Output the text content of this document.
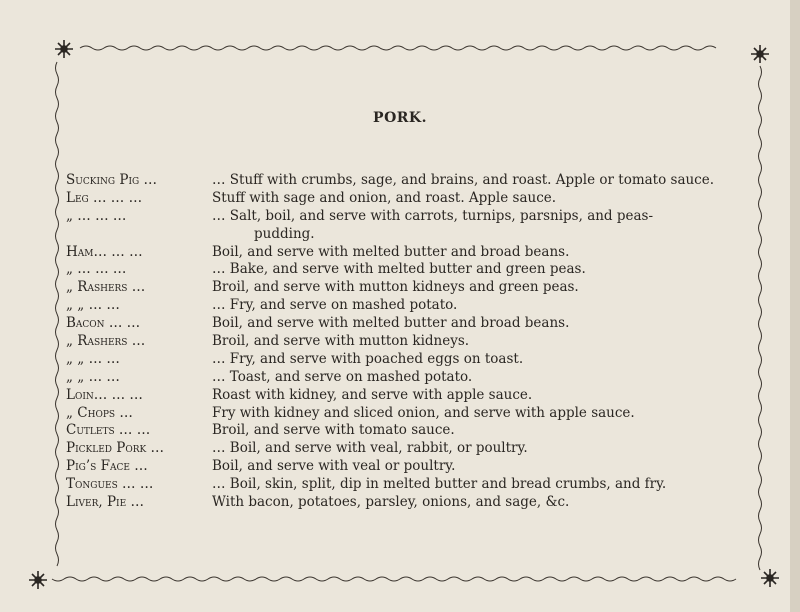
PORK.
Sucking Pig …	… Stuff with crumbs, sage, and brains, and roast. Apple or tomato sauce.
Leg … … …	Stuff with sage and onion, and roast. Apple sauce.
„ … … …	… Salt, boil, and serve with carrots, turnips, parsnips, and peas-
pudding.
Ham… … …	Boil, and serve with melted butter and broad beans.
„ … … …	… Bake, and serve with melted butter and green peas.
„ Rashers …	Broil, and serve with mutton kidneys and green peas.
„ „ … …	… Fry, and serve on mashed potato.
Bacon … …	Boil, and serve with melted butter and broad beans.
„ Rashers …	Broil, and serve with mutton kidneys.
„ „ … …	… Fry, and serve with poached eggs on toast.
„ „ … …	… Toast, and serve on mashed potato.
Loin… … …	Roast with kidney, and serve with apple sauce.
„ Chops …	Fry with kidney and sliced onion, and serve with apple sauce.
Cutlets … …	Broil, and serve with tomato sauce.
Pickled Pork …	… Boil, and serve with veal, rabbit, or poultry.
Pig’s Face …	Boil, and serve with veal or poultry.
Tongues … …	… Boil, skin, split, dip in melted butter and bread crumbs, and fry.
Liver, Pie …	With bacon, potatoes, parsley, onions, and sage, &c.
